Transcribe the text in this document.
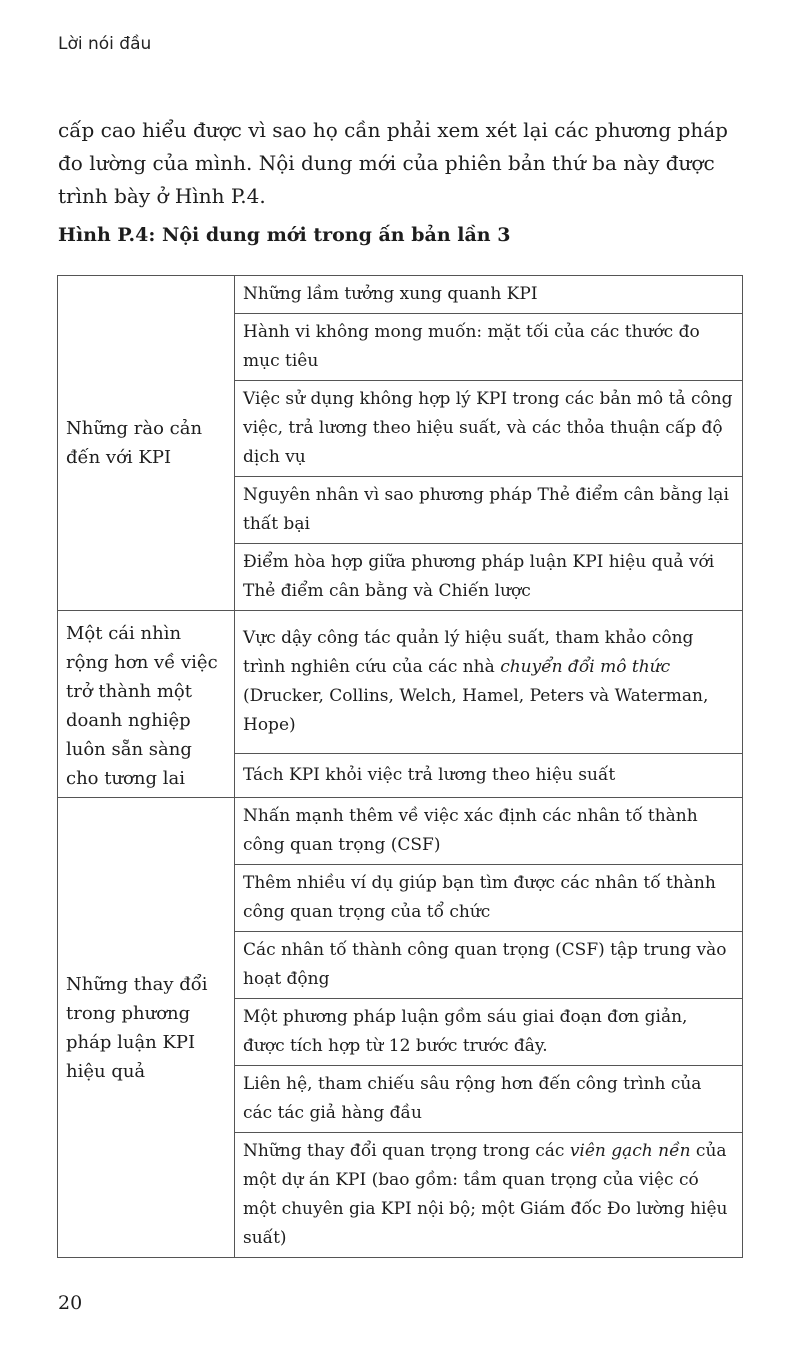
Lời nói đầu

cấp cao hiểu được vì sao họ cần phải xem xét lại các phương pháp
đo lường của mình. Nội dung mới của phiên bản thứ ba này được
trình bày ở Hình P.4.

Hình P.4: Nội dung mới trong ấn bản lần 3

Những rào cản đến với KPI	Những lầm tưởng xung quanh KPI
	Hành vi không mong muốn: mặt tối của các thước đo mục tiêu
	Việc sử dụng không hợp lý KPI trong các bản mô tả công việc, trả lương theo hiệu suất, và các thỏa thuận cấp độ dịch vụ
	Nguyên nhân vì sao phương pháp Thẻ điểm cân bằng lại thất bại
	Điểm hòa hợp giữa phương pháp luận KPI hiệu quả với Thẻ điểm cân bằng và Chiến lược
Một cái nhìn rộng hơn về việc trở thành một doanh nghiệp luôn sẵn sàng cho tương lai	Vực dậy công tác quản lý hiệu suất, tham khảo công trình nghiên cứu của các nhà chuyển đổi mô thức (Drucker, Collins, Welch, Hamel, Peters và Waterman, Hope)
	Tách KPI khỏi việc trả lương theo hiệu suất
Những thay đổi trong phương pháp luận KPI hiệu quả	Nhấn mạnh thêm về việc xác định các nhân tố thành công quan trọng (CSF)
	Thêm nhiều ví dụ giúp bạn tìm được các nhân tố thành công quan trọng của tổ chức
	Các nhân tố thành công quan trọng (CSF) tập trung vào hoạt động
	Một phương pháp luận gồm sáu giai đoạn đơn giản, được tích hợp từ 12 bước trước đây.
	Liên hệ, tham chiếu sâu rộng hơn đến công trình của các tác giả hàng đầu
	Những thay đổi quan trọng trong các viên gạch nền của một dự án KPI (bao gồm: tầm quan trọng của việc có một chuyên gia KPI nội bộ; một Giám đốc Đo lường hiệu suất)
20
